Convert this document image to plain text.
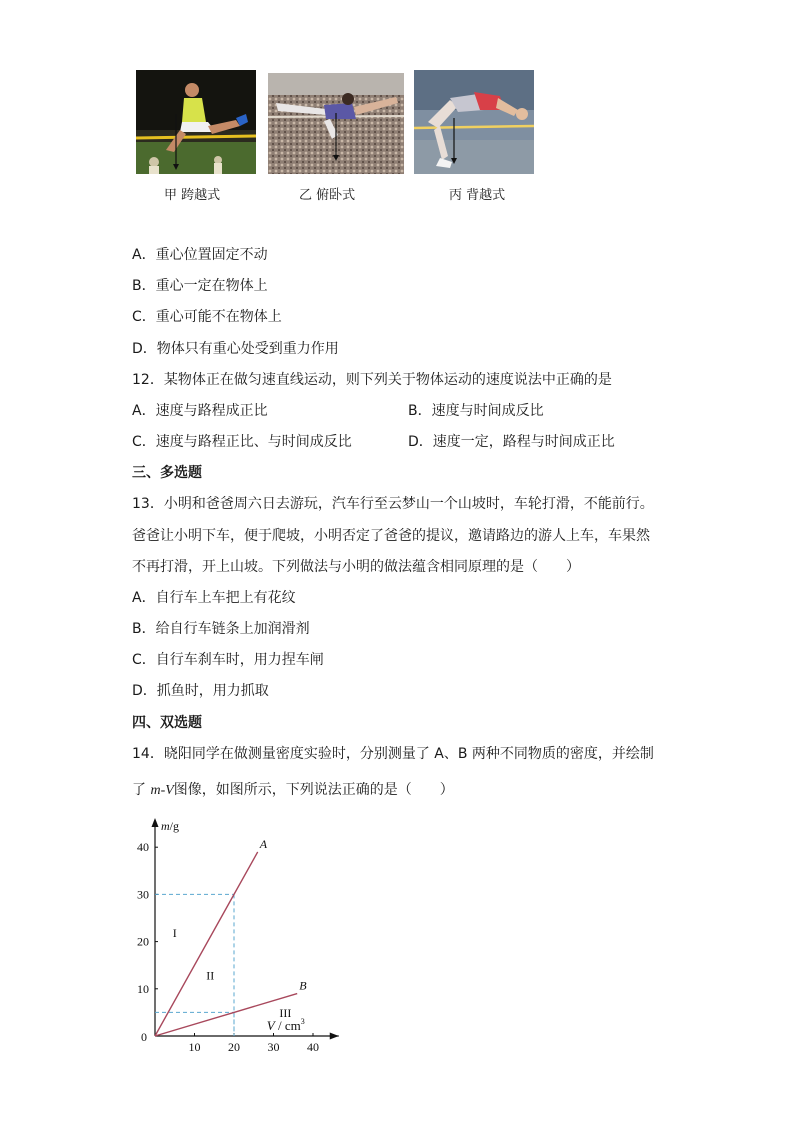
甲 跨越式	乙 俯卧式	丙 背越式
A．重心位置固定不动
B．重心一定在物体上
C．重心可能不在物体上
D．物体只有重心处受到重力作用
12．某物体正在做匀速直线运动，则下列关于物体运动的速度说法中正确的是
A．速度与路程成正比	B．速度与时间成反比
C．速度与路程正比、与时间成反比	D．速度一定，路程与时间成正比
三、多选题
13．小明和爸爸周六日去游玩，汽车行至云梦山一个山坡时，车轮打滑，不能前行。
爸爸让小明下车，便于爬坡，小明否定了爸爸的提议，邀请路边的游人上车，车果然
不再打滑，开上山坡。下列做法与小明的做法蕴含相同原理的是（　　）
A．自行车上车把上有花纹
B．给自行车链条上加润滑剂
C．自行车刹车时，用力捏车闸
D．抓鱼时，用力抓取
四、双选题
14．晓阳同学在做测量密度实验时，分别测量了 A、B 两种不同物质的密度，并绘制
了 m-V图像，如图所示，下列说法正确的是（　　）
10 20 30 40
10
20
30
40
0
A
B
I
II
III
m/g
V / $cm^3$
